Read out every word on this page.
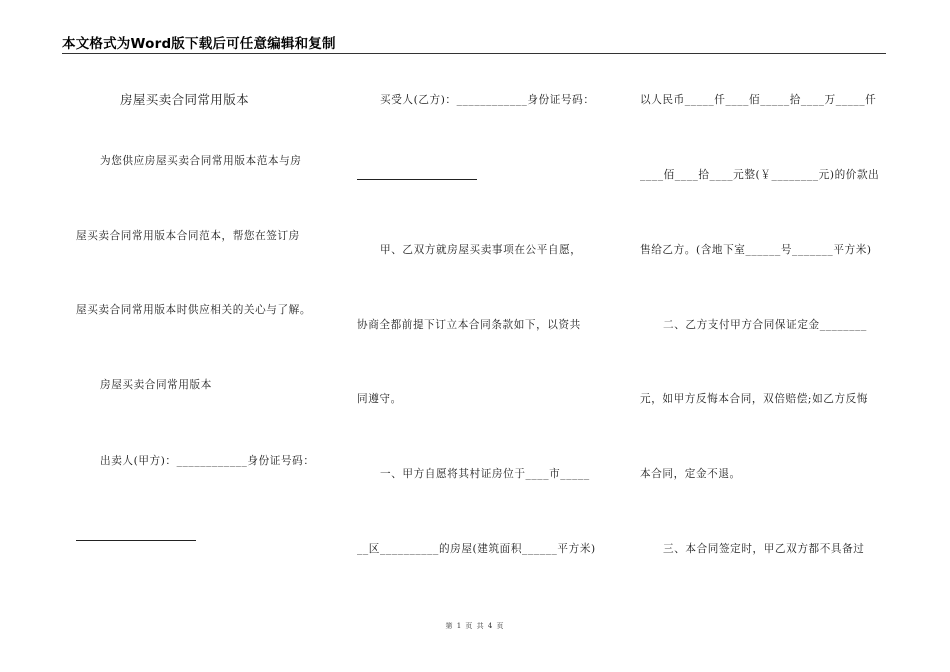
本文格式为Word版下载后可任意编辑和复制
房屋买卖合同常用版本
为您供应房屋买卖合同常用版本范本与房
屋买卖合同常用版本合同范本，帮您在签订房
屋买卖合同常用版本时供应相关的关心与了解。
房屋买卖合同常用版本
出卖人(甲方)：____________身份证号码：
买受人(乙方)：____________身份证号码：
甲、乙双方就房屋买卖事项在公平自愿，
协商全都前提下订立本合同条款如下，以资共
同遵守。
一、甲方自愿将其村证房位于____市_____
__区__________的房屋(建筑面积______平方米)
以人民币_____仟____佰_____拾____万_____仟
____佰____拾____元整(￥________元)的价款出
售给乙方。(含地下室______号_______平方米)
二、乙方支付甲方合同保证定金________
元，如甲方反悔本合同，双倍赔偿;如乙方反悔
本合同，定金不退。
三、本合同签定时，甲乙双方都不具备过
第 1 页 共 4 页
